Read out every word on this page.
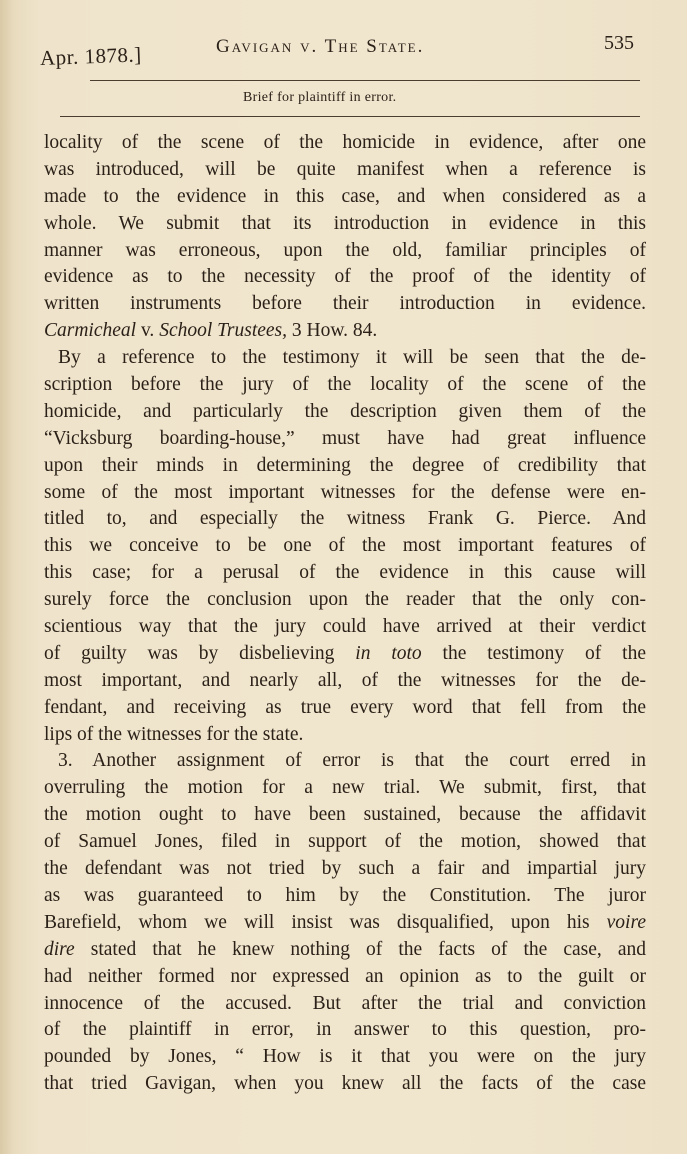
Apr. 1878.]	Gavigan v. The State.	535
Brief for plaintiff in error.
locality of the scene of the homicide in evidence, after one
was introduced, will be quite manifest when a reference is
made to the evidence in this case, and when considered as a
whole. We submit that its introduction in evidence in this
manner was erroneous, upon the old, familiar principles of
evidence as to the necessity of the proof of the identity of
written instruments before their introduction in evidence.
Carmicheal v. School Trustees, 3 How. 84.
By a reference to the testimony it will be seen that the de-
scription before the jury of the locality of the scene of the
homicide, and particularly the description given them of the
“Vicksburg boarding-house,” must have had great influence
upon their minds in determining the degree of credibility that
some of the most important witnesses for the defense were en-
titled to, and especially the witness Frank G. Pierce. And
this we conceive to be one of the most important features of
this case; for a perusal of the evidence in this cause will
surely force the conclusion upon the reader that the only con-
scientious way that the jury could have arrived at their verdict
of guilty was by disbelieving in toto the testimony of the
most important, and nearly all, of the witnesses for the de-
fendant, and receiving as true every word that fell from the
lips of the witnesses for the state.
3. Another assignment of error is that the court erred in
overruling the motion for a new trial. We submit, first, that
the motion ought to have been sustained, because the affidavit
of Samuel Jones, filed in support of the motion, showed that
the defendant was not tried by such a fair and impartial jury
as was guaranteed to him by the Constitution. The juror
Barefield, whom we will insist was disqualified, upon his voire
dire stated that he knew nothing of the facts of the case, and
had neither formed nor expressed an opinion as to the guilt or
innocence of the accused. But after the trial and conviction
of the plaintiff in error, in answer to this question, pro-
pounded by Jones, “ How is it that you were on the jury
that tried Gavigan, when you knew all the facts of the case
